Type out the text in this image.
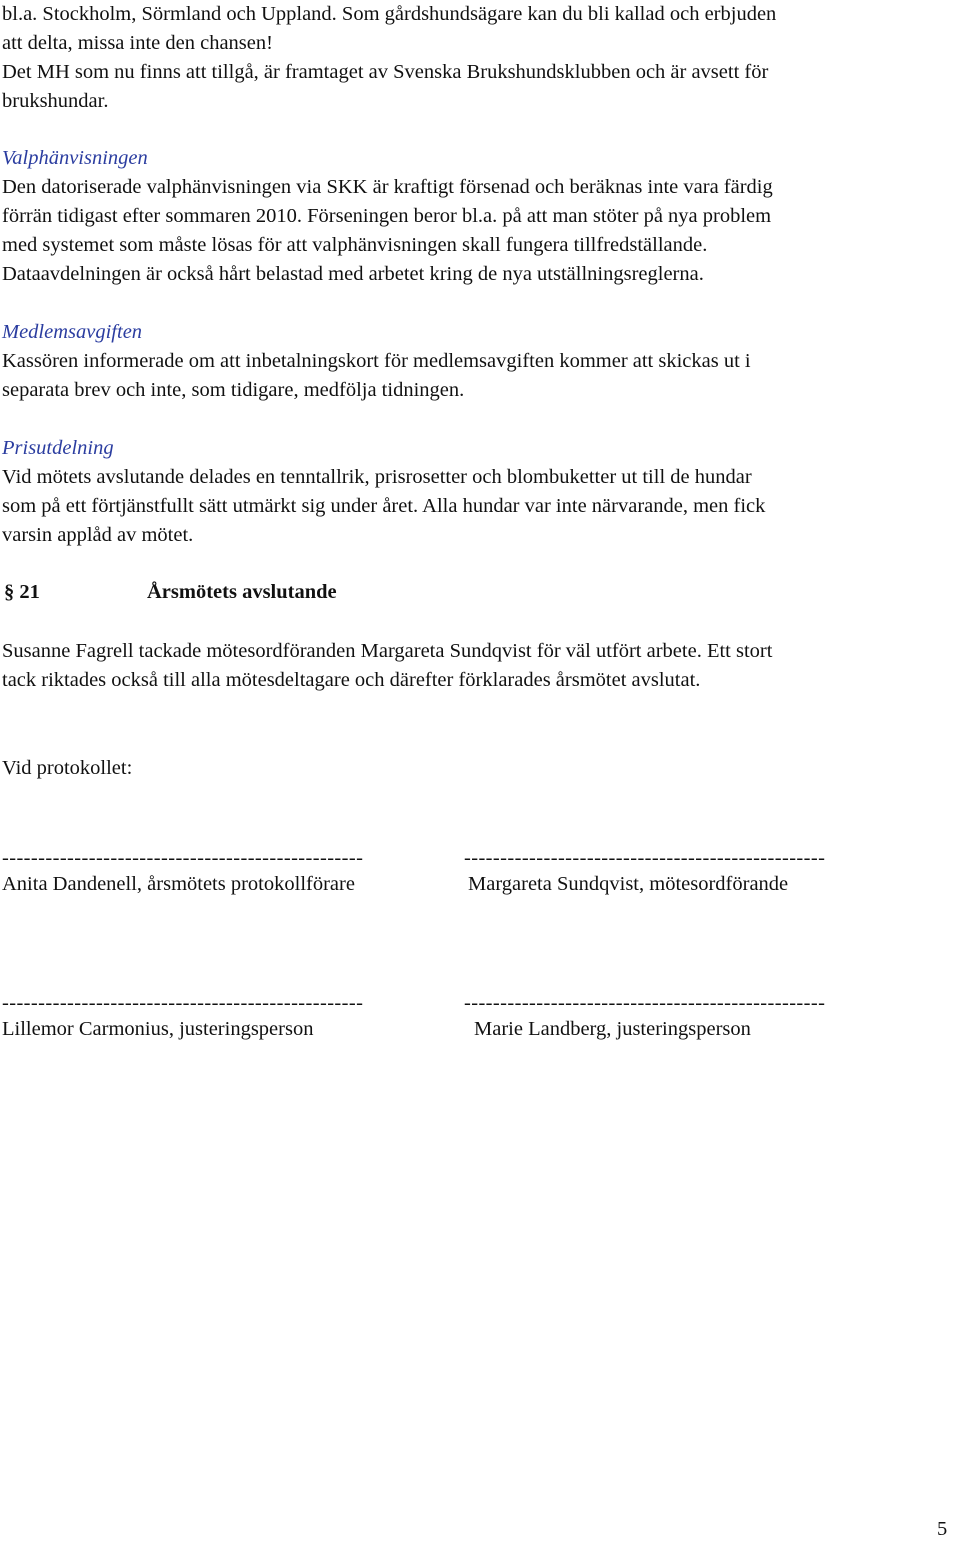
bl.a. Stockholm, Sörmland och Uppland. Som gårdshundsägare kan du bli kallad och erbjuden

att delta, missa inte den chansen!

Det MH som nu finns att tillgå, är framtaget av Svenska Brukshundsklubben och är avsett för

brukshundar.

Valphänvisningen

Den datoriserade valphänvisningen via SKK är kraftigt försenad och beräknas inte vara färdig

förrän tidigast efter sommaren 2010. Förseningen beror bl.a. på att man stöter på nya problem

med systemet som måste lösas för att valphänvisningen skall fungera tillfredställande.

Dataavdelningen är också hårt belastad med arbetet kring de nya utställningsreglerna.

Medlemsavgiften

Kassören informerade om att inbetalningskort för medlemsavgiften kommer att skickas ut i

separata brev och inte, som tidigare, medfölja tidningen.

Prisutdelning

Vid mötets avslutande delades en tenntallrik, prisrosetter och blombuketter ut till de hundar

som på ett förtjänstfullt sätt utmärkt sig under året. Alla hundar var inte närvarande, men fick

varsin applåd av mötet.

§ 21	Årsmötets avslutande

Susanne Fagrell tackade mötesordföranden Margareta Sundqvist för väl utfört arbete. Ett stort

tack riktades också till alla mötesdeltagare och därefter förklarades årsmötet avslutat.

Vid protokollet:

--------------------------------------------------	--------------------------------------------------

Anita Dandenell, årsmötets protokollförare	Margareta Sundqvist, mötesordförande

--------------------------------------------------	--------------------------------------------------

Lillemor Carmonius, justeringsperson	Marie Landberg, justeringsperson

5
